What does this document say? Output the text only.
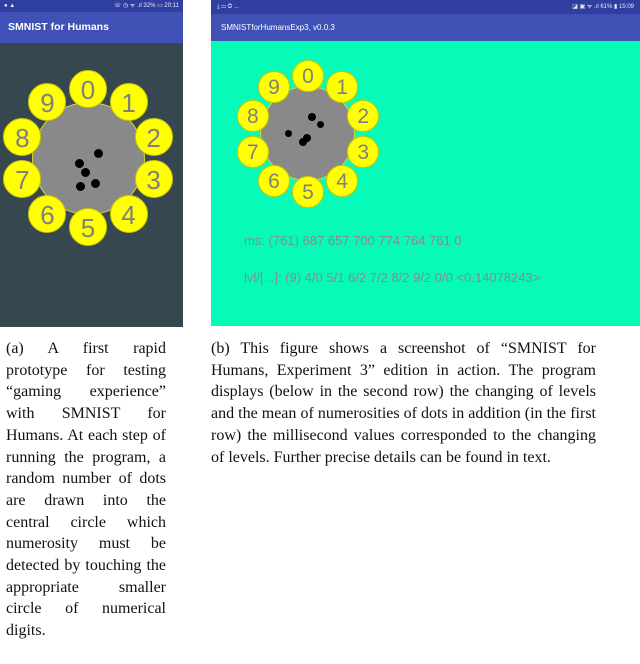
● ▲	☏ ◷ ᯤ .ıl 32% ▭ 20:11
SMNIST for Humans
0	1
2
3
4
5
6
7
8
9
⤓ ▭ ◎ ...	◪ ▣ ᯤ .ıl 61% ▮ 15:09
SMNISTforHumansExp3, v0.0.3
0	1
2
3
4
5
6
7
8
9
ms: (761) 687 657 700 774 764 761 0
lvl/[...]: (9) 4/0 5/1 6/2 7/2 8/2 9/2 0/0 <0.14078243>

(a) A first rapid prototype for testing “gaming experience” with SMNIST for Humans. At each step of running the program, a random number of dots are drawn into the central circle which numerosity must be detected by touching the appropriate smaller circle of numerical digits.

(b) This figure shows a screenshot of “SMNIST for Humans, Experiment 3” edition in action. The program displays (below in the second row) the changing of levels and the mean of numerosities of dots in addition (in the first row) the millisecond values corresponded to the changing of levels. Further precise details can be found in text.
